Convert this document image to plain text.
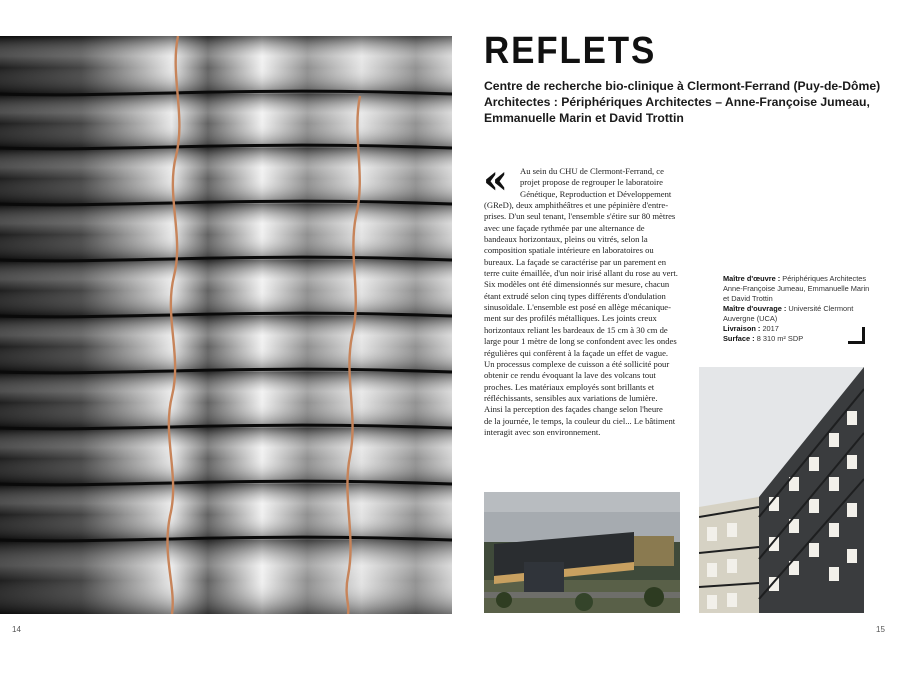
REFLETS
Centre de recherche bio-clinique à Clermont-Ferrand (Puy-de-Dôme)
Architectes : Périphériques Architectes – Anne-Françoise Jumeau,
Emmanuelle Marin et David Trottin
«	Au sein du CHU de Clermont-Ferrand, ce
projet propose de regrouper le laboratoire
Génétique, Reproduction et Développement
(GReD), deux amphithéâtres et une pépinière d'entre-
prises. D'un seul tenant, l'ensemble s'étire sur 80 mètres
avec une façade rythmée par une alternance de
bandeaux horizontaux, pleins ou vitrés, selon la
composition spatiale intérieure en laboratoires ou
bureaux. La façade se caractérise par un parement en
terre cuite émaillée, d'un noir irisé allant du rose au vert.
Six modèles ont été dimensionnés sur mesure, chacun
étant extrudé selon cinq types différents d'ondulation
sinusoïdale. L'ensemble est posé en allège mécanique-
ment sur des profilés métalliques. Les joints creux
horizontaux reliant les bardeaux de 15 cm à 30 cm de
large pour 1 mètre de long se confondent avec les ondes
régulières qui confèrent à la façade un effet de vague.
Un processus complexe de cuisson a été sollicité pour
obtenir ce rendu évoquant la lave des volcans tout
proches. Les matériaux employés sont brillants et
réfléchissants, sensibles aux variations de lumière.
Ainsi la perception des façades change selon l'heure
de la journée, le temps, la couleur du ciel... Le bâtiment
interagit avec son environnement.
Maître d'œuvre : Périphériques Architectes
Anne-Françoise Jumeau, Emmanuelle Marin
et David Trottin
Maître d'ouvrage : Université Clermont
Auvergne (UCA)
Livraison : 2017
Surface : 8 310 m² SDP
14	15
